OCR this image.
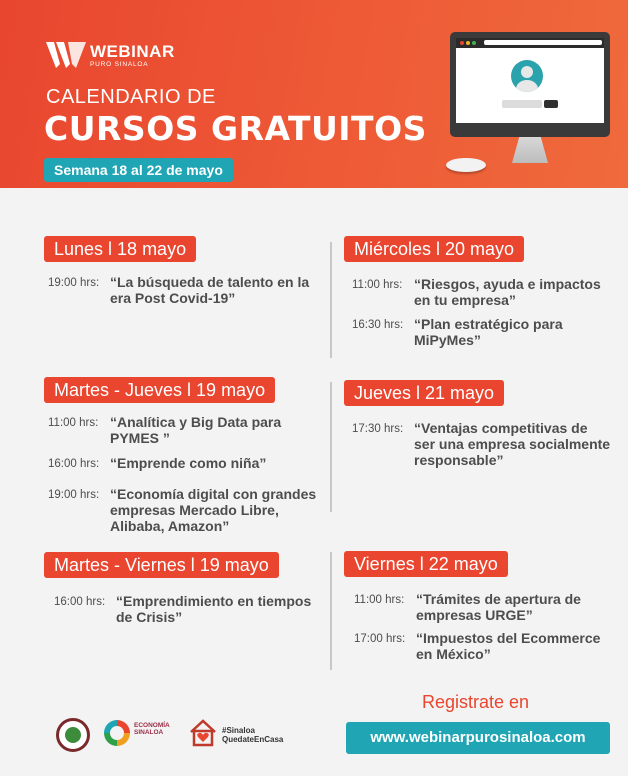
WEBINAR
PURO SINALOA
CALENDARIO DE
CURSOS GRATUITOS
Semana 18 al 22 de mayo
Lunes l 18 mayo
19:00 hrs: “La búsqueda de talento en la
era Post Covid-19”
Martes - Jueves l 19 mayo
11:00 hrs: “Analítica y Big Data para
PYMES ”
16:00 hrs: “Emprende como niña”
19:00 hrs: “Economía digital con grandes
empresas Mercado Libre,
Alibaba, Amazon”
Martes - Viernes l 19 mayo
16:00 hrs: “Emprendimiento en tiempos
de Crisis”
Miércoles l 20 mayo
11:00 hrs: “Riesgos, ayuda e impactos
en tu empresa”
16:30 hrs: “Plan estratégico para
MiPyMes”
Jueves l 21 mayo
17:30 hrs: “Ventajas competitivas de
ser una empresa socialmente
responsable”
Viernes l 22 mayo
11:00 hrs: “Trámites de apertura de
empresas URGE”
17:00 hrs: “Impuestos del Ecommerce
en México”
Registrate en
www.webinarpurosinaloa.com
ECONOMÍA
SINALOA	#Sinaloa
QuedateEnCasa
